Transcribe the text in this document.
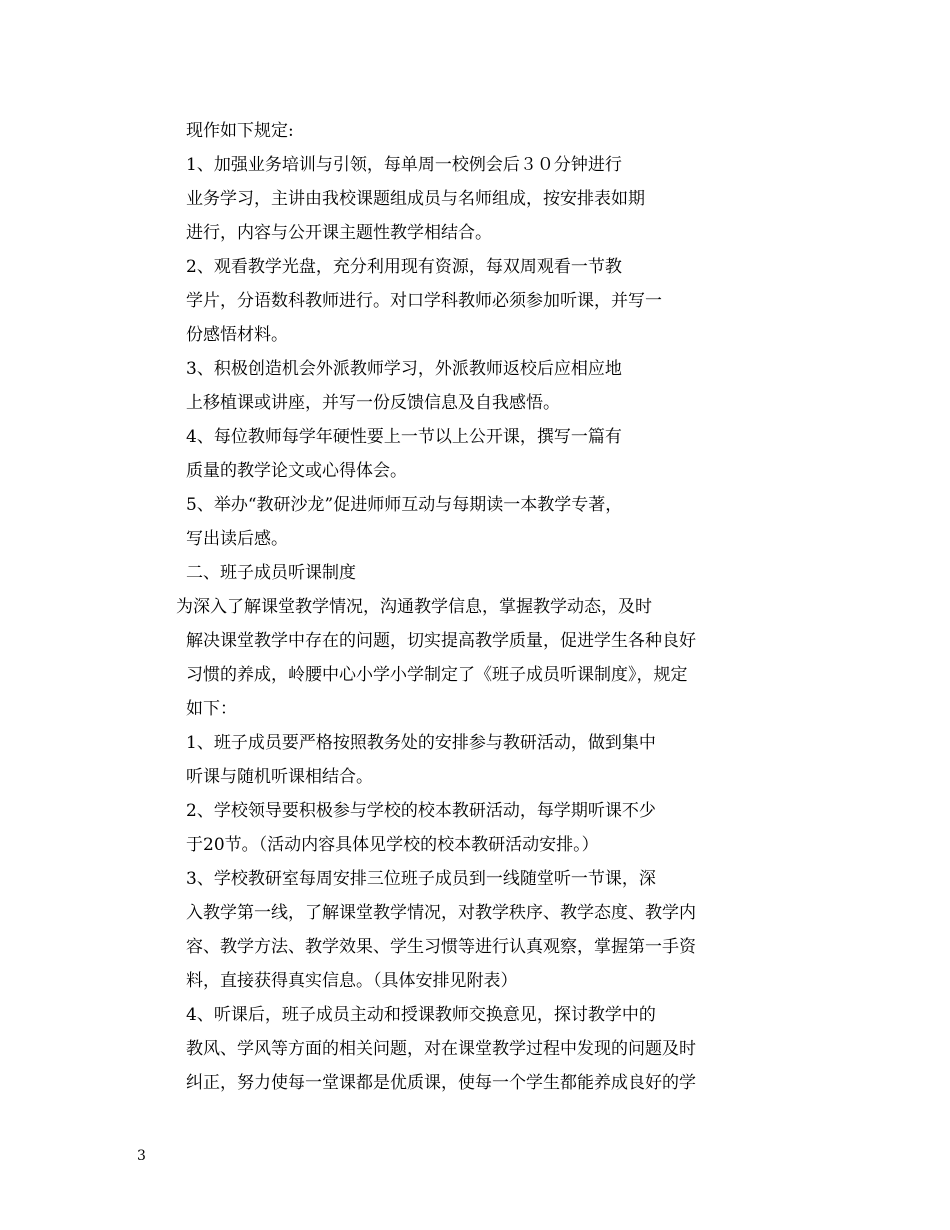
现作如下规定:
1、加强业务培训与引领，每单周一校例会后３０分钟进行
业务学习，主讲由我校课题组成员与名师组成，按安排表如期
进行，内容与公开课主题性教学相结合。
2、观看教学光盘，充分利用现有资源，每双周观看一节教
学片，分语数科教师进行。对口学科教师必须参加听课，并写一
份感悟材料。
3、积极创造机会外派教师学习，外派教师返校后应相应地
上移植课或讲座，并写一份反馈信息及自我感悟。
4、每位教师每学年硬性要上一节以上公开课，撰写一篇有
质量的教学论文或心得体会。
5、举办“教研沙龙”促进师师互动与每期读一本教学专著，
写出读后感。
二、班子成员听课制度
为深入了解课堂教学情况，沟通教学信息，掌握教学动态，及时
解决课堂教学中存在的问题，切实提高教学质量，促进学生各种良好
习惯的养成，岭腰中心小学小学制定了《班子成员听课制度》，规定
如下：
1、班子成员要严格按照教务处的安排参与教研活动，做到集中
听课与随机听课相结合。
2、学校领导要积极参与学校的校本教研活动，每学期听课不少
于20节。（活动内容具体见学校的校本教研活动安排。）
3、学校教研室每周安排三位班子成员到一线随堂听一节课，深
入教学第一线，了解课堂教学情况，对教学秩序、教学态度、教学内
容、教学方法、教学效果、学生习惯等进行认真观察，掌握第一手资
料，直接获得真实信息。（具体安排见附表）
4、听课后，班子成员主动和授课教师交换意见，探讨教学中的
教风、学风等方面的相关问题，对在课堂教学过程中发现的问题及时
纠正，努力使每一堂课都是优质课，使每一个学生都能养成良好的学
3
